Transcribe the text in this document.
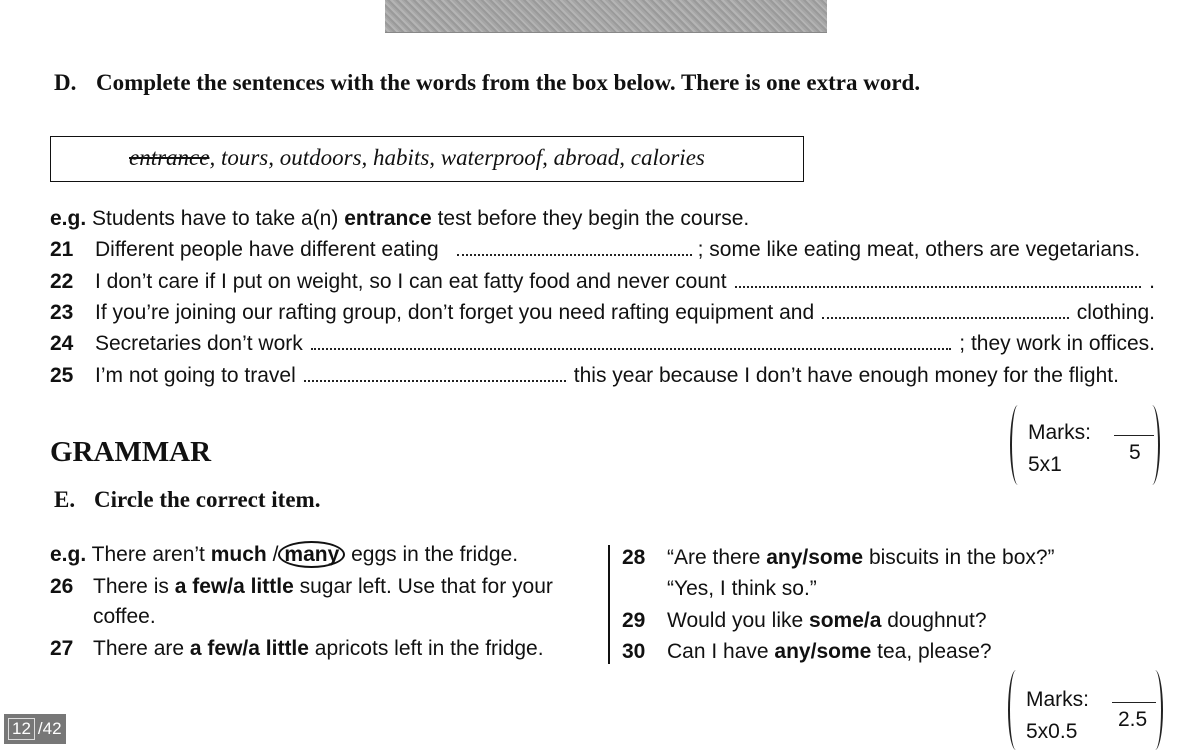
D. Complete the sentences with the words from the box below. There is one extra word.
entrance, tours, outdoors, habits, waterproof, abroad, calories
e.g. Students have to take a(n) entrance test before they begin the course.
21 Different people have different eating	; some like eating meat, others are vegetarians.
22 I don’t care if I put on weight, so I can eat fatty food and never count	.
23 If you’re joining our rafting group, don’t forget you need rafting equipment and	clothing.
24 Secretaries don’t work	; they work in offices.
25 I’m not going to travel	this year because I don’t have enough money for the flight.
Marks:
5x1
5
GRAMMAR
E. Circle the correct item.
e.g. There aren’t much / many eggs in the fridge.
26 There is a few/a little sugar left. Use that for your
coffee.
27 There are a few/a little apricots left in the fridge.
28 “Are there any/some biscuits in the box?”
“Yes, I think so.”
29 Would you like some/a doughnut?
30 Can I have any/some tea, please?
Marks:
5x0.5
2.5
12 /42
